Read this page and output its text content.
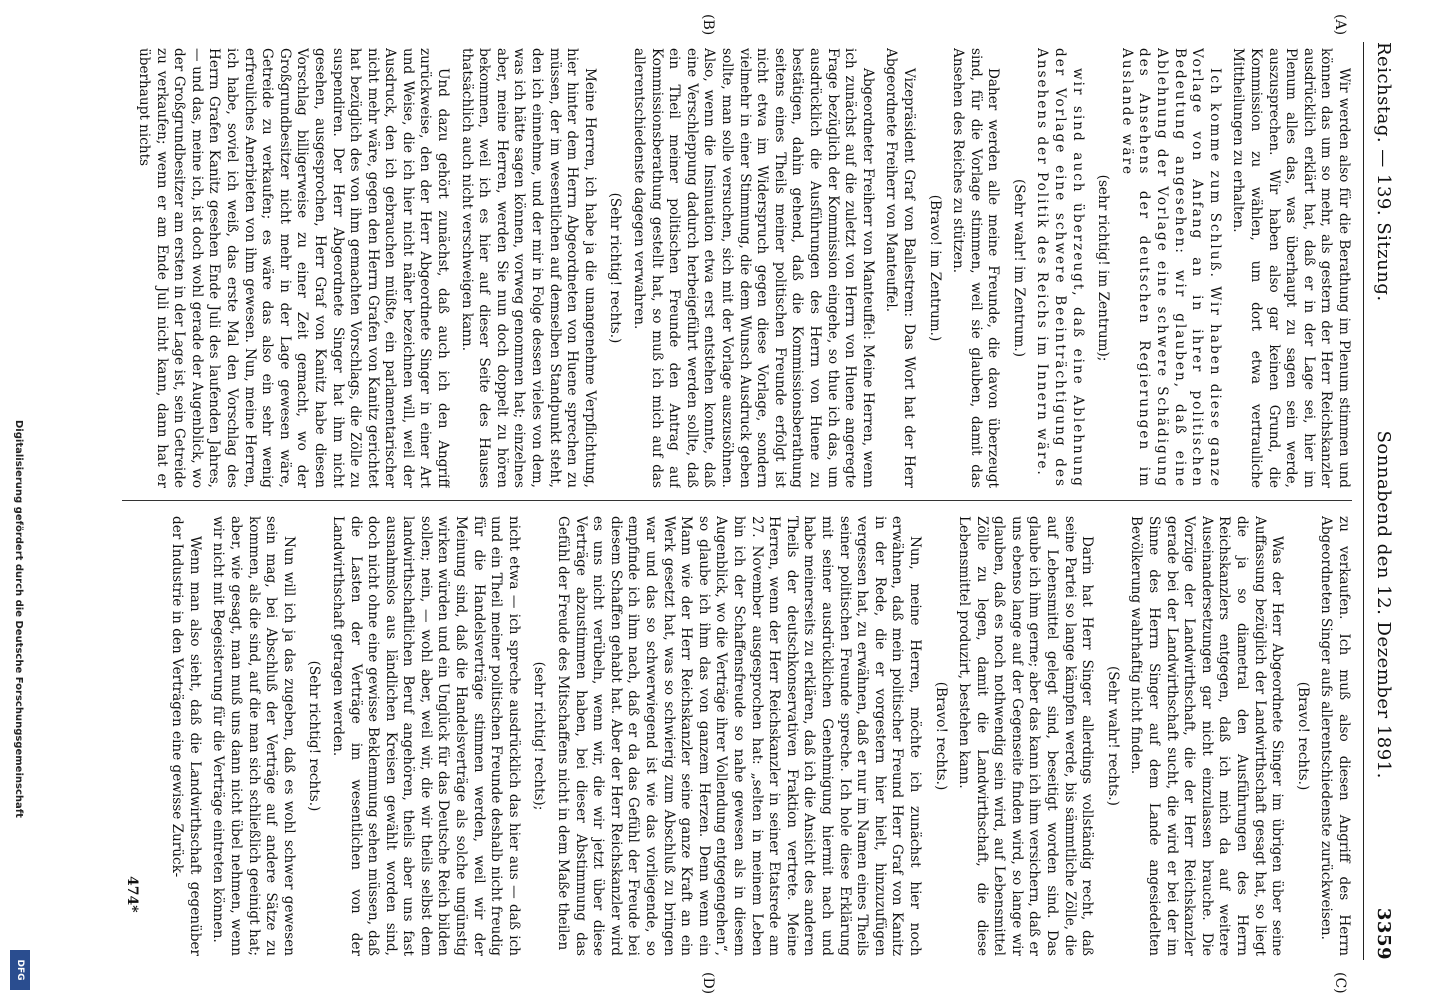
Reichstag. — 139. Sitzung.
Sonnabend den 12. Dezember 1891.
3359
(A)
(B)
(C)
(D)

Wir werden also für die Berathung im Plenum stimmen und können das um so mehr, als gestern der Herr Reichskanzler ausdrücklich erklärt hat, daß er in der Lage sei, hier im Plenum alles das, was überhaupt zu sagen sein werde, auszusprechen. Wir haben also gar keinen Grund, die Kommission zu wählen, um dort etwa vertrauliche Mittheilungen zu erhalten.

Ich komme zum Schluß. Wir haben diese ganze Vorlage von Anfang an in ihrer politischen Bedeutung angesehen: wir glauben, daß eine Ablehnung der Vorlage eine schwere Schädigung des Ansehens der deutschen Regierungen im Auslande wäre

(sehr richtig! im Zentrum);

wir sind auch überzeugt, daß eine Ablehnung der Vorlage eine schwere Beeinträchtigung des Ansehens der Politik des Reichs im Innern wäre.

(Sehr wahr! im Zentrum.)

Daher werden alle meine Freunde, die davon überzeugt sind, für die Vorlage stimmen, weil sie glauben, damit das Ansehen des Reiches zu stützen.

(Bravo! im Zentrum.)

Vizepräsident Graf von Ballestrem: Das Wort hat der Herr Abgeordnete Freiherr von Manteuffel.

Abgeordneter Freiherr von Manteuffel: Meine Herren, wenn ich zunächst auf die zuletzt von Herrn von Huene angeregte Frage bezüglich der Kommission eingehe, so thue ich das, um ausdrücklich die Ausführungen des Herrn von Huene zu bestätigen, dahin gehend, daß die Kommissionsberathung seitens eines Theils meiner politischen Freunde erfolgt ist nicht etwa im Widerspruch gegen diese Vorlage, sondern vielmehr in einer Stimmung, die dem Wunsch Ausdruck geben sollte, man solle versuchen, sich mit der Vorlage auszusöhnen. Also, wenn die Insinuation etwa erst entstehen konnte, daß eine Verschleppung dadurch herbeigeführt werden sollte, daß ein Theil meiner politischen Freunde den Antrag auf Kommissionsberathung gestellt hat, so muß ich mich auf das allerentschiedenste dagegen verwahren.

(Sehr richtig! rechts.)

Meine Herren, ich habe ja die unangenehme Verpflichtung, hier hinter dem Herrn Abgeordneten von Huene sprechen zu müssen, der im wesentlichen auf demselben Standpunkt steht, den ich einnehme, und der mir in Folge dessen vieles von dem, was ich hätte sagen können, vorweg genommen hat; einzelnes aber, meine Herren, werden Sie nun doch doppelt zu hören bekommen, weil ich es hier auf dieser Seite des Hauses thatsächlich auch nicht verschweigen kann.

Und dazu gehört zunächst, daß auch ich den Angriff zurückweise, den der Herr Abgeordnete Singer in einer Art und Weise, die ich hier nicht näher bezeichnen will, weil der Ausdruck, den ich gebrauchen müßte, ein parlamentarischer nicht mehr wäre, gegen den Herrn Grafen von Kanitz gerichtet hat bezüglich des von ihm gemachten Vorschlags, die Zölle zu suspendiren. Der Herr Abgeordnete Singer hat ihm nicht gesehen, ausgesprochen, Herr Graf von Kanitz habe diesen Vorschlag billigerweise zu einer Zeit gemacht, wo der Großgrundbesitzer nicht mehr in der Lage gewesen wäre, Getreide zu verkaufen; es wäre das also ein sehr wenig erfreuliches Anerbieten von ihm gewesen. Nun, meine Herren, ich habe, soviel ich weiß, das erste Mal den Vorschlag des Herrn Grafen Kanitz gesehen Ende Juli des laufenden Jahres, — und das, meine ich, ist doch wohl gerade der Augenblick, wo der Großgrundbesitzer am ersten in der Lage ist, sein Getreide zu verkaufen; wenn er am Ende Juli nicht kann, dann hat er überhaupt nichts

zu verkaufen. Ich muß also diesen Angriff des Herrn Abgeordneten Singer aufs allerentschiedenste zurückweisen.

(Bravo! rechts.)

Was der Herr Abgeordnete Singer im übrigen über seine Auffassung bezüglich der Landwirthschaft gesagt hat, so liegt die ja so diametral den Ausführungen des Herrn Reichskanzlers entgegen, daß ich mich da auf weitere Auseinandersetzungen gar nicht einzulassen brauche. Die Vorzüge der Landwirthschaft, die der Herr Reichskanzler gerade bei der Landwirthschaft sucht, die wird er bei der im Sinne des Herrn Singer auf dem Lande angesiedelten Bevölkerung wahrhaftig nicht finden.

(Sehr wahr! rechts.)

Darin hat Herr Singer allerdings vollständig recht, daß seine Partei so lange kämpfen werde, bis sämmtliche Zölle, die auf Lebensmittel gelegt sind, beseitigt worden sind. Das glaube ich ihm gerne; aber das kann ich ihm versichern, daß er uns ebenso lange auf der Gegenseite finden wird, so lange wir glauben, daß es noch nothwendig sein wird, auf Lebensmittel Zölle zu legen, damit die Landwirthschaft, die diese Lebensmittel produzirt, bestehen kann.

(Bravo! rechts.)

Nun, meine Herren, möchte ich zunächst hier noch erwähnen, daß mein politischer Freund Herr Graf von Kanitz in der Rede, die er vorgestern hier hielt, hinzuzufügen vergessen hat, zu erwähnen, daß er nur im Namen eines Theils seiner politischen Freunde spreche. Ich hole diese Erklärung mit seiner ausdrücklichen Genehmigung hiermit nach und habe meinerseits zu erklären, daß ich die Ansicht des anderen Theils der deutschkonservativen Fraktion vertrete. Meine Herren, wenn der Herr Reichskanzler in seiner Etatsrede am 27. November ausgesprochen hat: „selten in meinem Leben bin ich der Schaffensfreude so nahe gewesen als in diesem Augenblick, wo die Verträge ihrer Vollendung entgegengehen“, so glaube ich ihm das von ganzem Herzen. Denn wenn ein Mann wie der Herr Reichskanzler seine ganze Kraft an ein Werk gesetzt hat, was so schwierig zum Abschluß zu bringen war und das so schwerwiegend ist wie das vorliegende, so empfinde ich ihm nach, daß er da das Gefühl der Freude bei diesem Schaffen gehabt hat. Aber der Herr Reichskanzler wird es uns nicht verübeln, wenn wir, die wir jetzt über diese Verträge abzustimmen haben, bei dieser Abstimmung das Gefühl der Freude des Mitschaffens nicht in dem Maße theilen

(sehr richtig! rechts);

nicht etwa — ich spreche ausdrücklich das hier aus — daß ich und ein Theil meiner politischen Freunde deshalb nicht freudig für die Handelsverträge stimmen werden, weil wir der Meinung sind, daß die Handelsverträge als solche ungünstig wirken würden und ein Unglück für das Deutsche Reich bilden sollen; nein, — wohl aber, weil wir, die wir theils selbst dem landwirthschaftlichen Beruf angehören, theils aber uns fast ausnahmslos aus ländlichen Kreisen gewählt worden sind, doch nicht ohne eine gewisse Beklemmung sehen müssen, daß die Lasten der Verträge im wesentlichen von der Landwirthschaft getragen werden.

(Sehr richtig! rechts.)

Nun will ich ja das zugeben, daß es wohl schwer gewesen sein mag, bei Abschluß der Verträge auf andere Sätze zu kommen, als die sind, auf die man sich schließlich geeinigt hat; aber, wie gesagt, man muß uns dann nicht übel nehmen, wenn wir nicht mit Begeisterung für die Verträge eintreten können.

Wenn man also sieht, daß die Landwirthschaft gegenüber der Industrie in den Verträgen eine gewisse Zurück-

474*
Digitalisierung gefördert durch die Deutsche Forschungsgemeinschaft
DFG
